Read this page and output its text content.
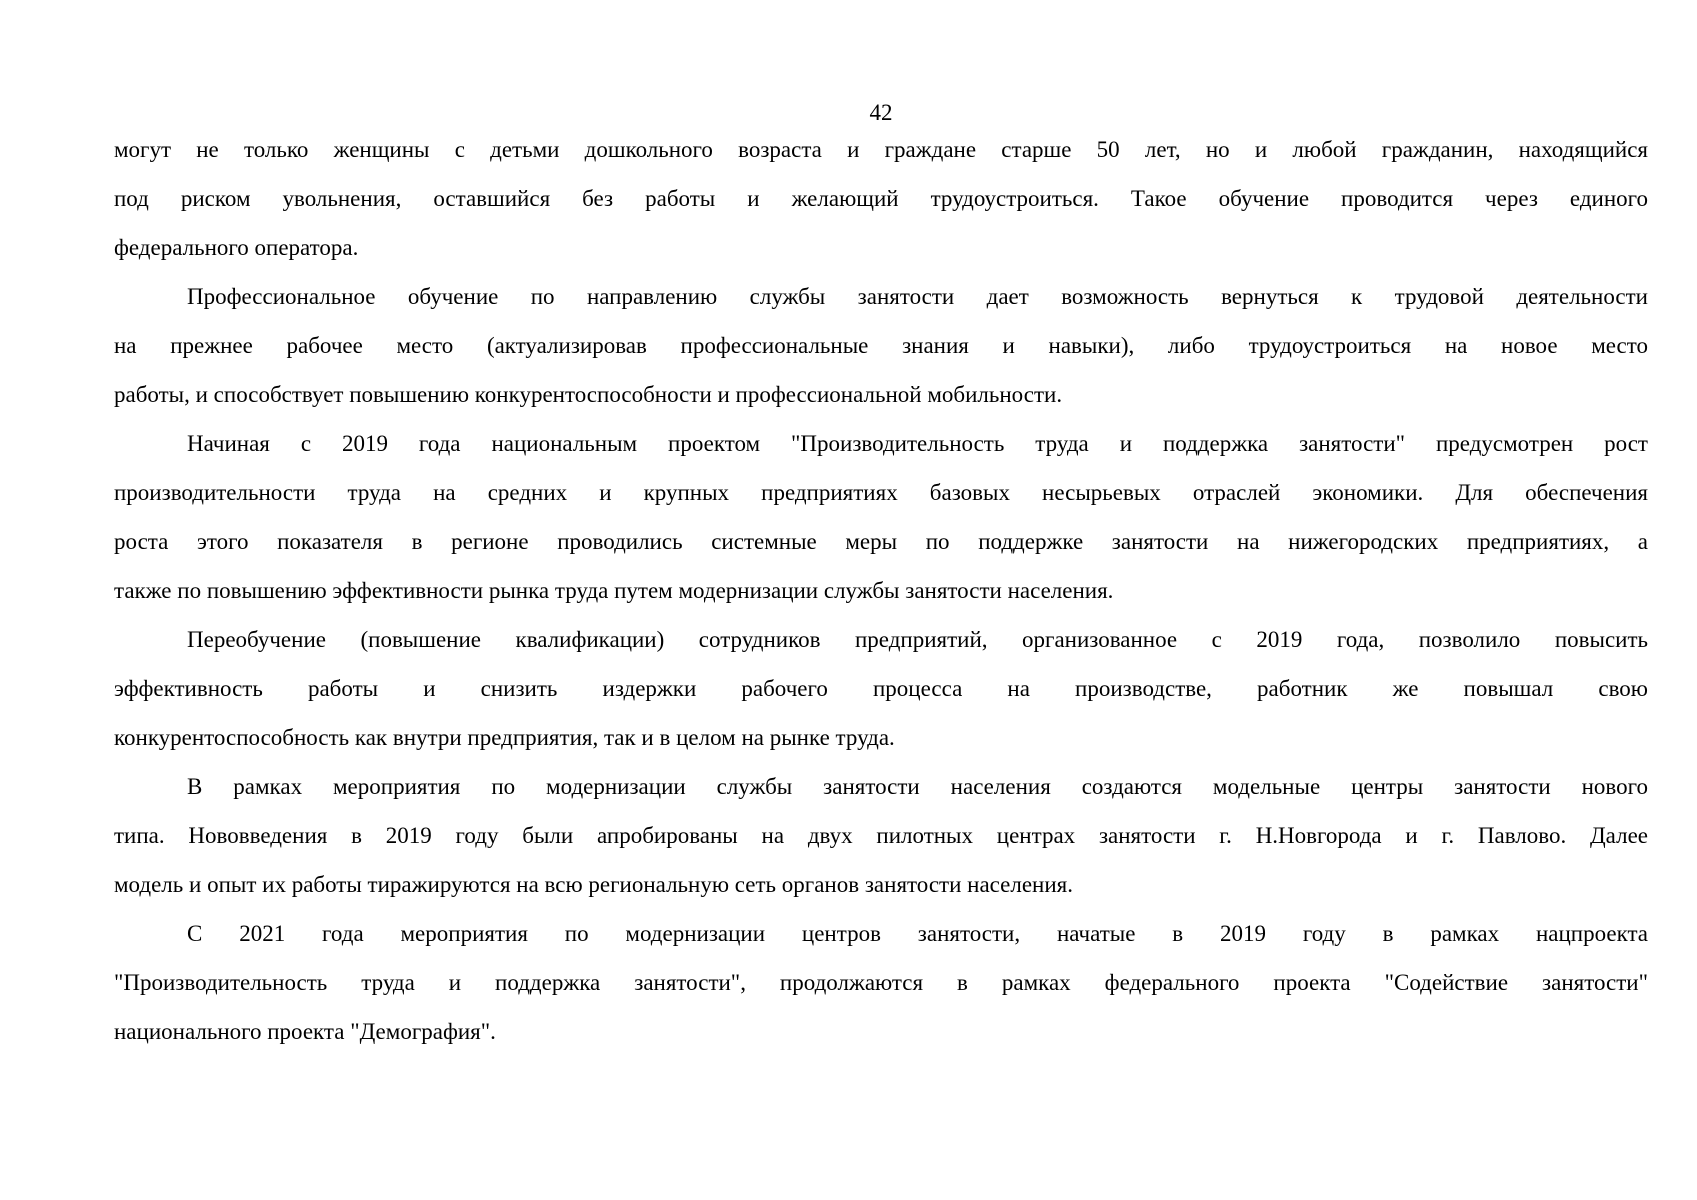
42
могут не только женщины с детьми дошкольного возраста и граждане старше 50 лет, но и любой гражданин, находящийся
под риском увольнения, оставшийся без работы и желающий трудоустроиться. Такое обучение проводится через единого
федерального оператора.
Профессиональное обучение по направлению службы занятости дает возможность вернуться к трудовой деятельности
на прежнее рабочее место (актуализировав профессиональные знания и навыки), либо трудоустроиться на новое место
работы, и способствует повышению конкурентоспособности и профессиональной мобильности.
Начиная с 2019 года национальным проектом "Производительность труда и поддержка занятости" предусмотрен рост
производительности труда на средних и крупных предприятиях базовых несырьевых отраслей экономики. Для обеспечения
роста этого показателя в регионе проводились системные меры по поддержке занятости на нижегородских предприятиях, а
также по повышению эффективности рынка труда путем модернизации службы занятости населения.
Переобучение (повышение квалификации) сотрудников предприятий, организованное с 2019 года, позволило повысить
эффективность работы и снизить издержки рабочего процесса на производстве, работник же повышал свою
конкурентоспособность как внутри предприятия, так и в целом на рынке труда.
В рамках мероприятия по модернизации службы занятости населения создаются модельные центры занятости нового
типа. Нововведения в 2019 году были апробированы на двух пилотных центрах занятости г. Н.Новгорода и г. Павлово. Далее
модель и опыт их работы тиражируются на всю региональную сеть органов занятости населения.
С 2021 года мероприятия по модернизации центров занятости, начатые в 2019 году в рамках нацпроекта
"Производительность труда и поддержка занятости", продолжаются в рамках федерального проекта "Содействие занятости"
национального проекта "Демография".
